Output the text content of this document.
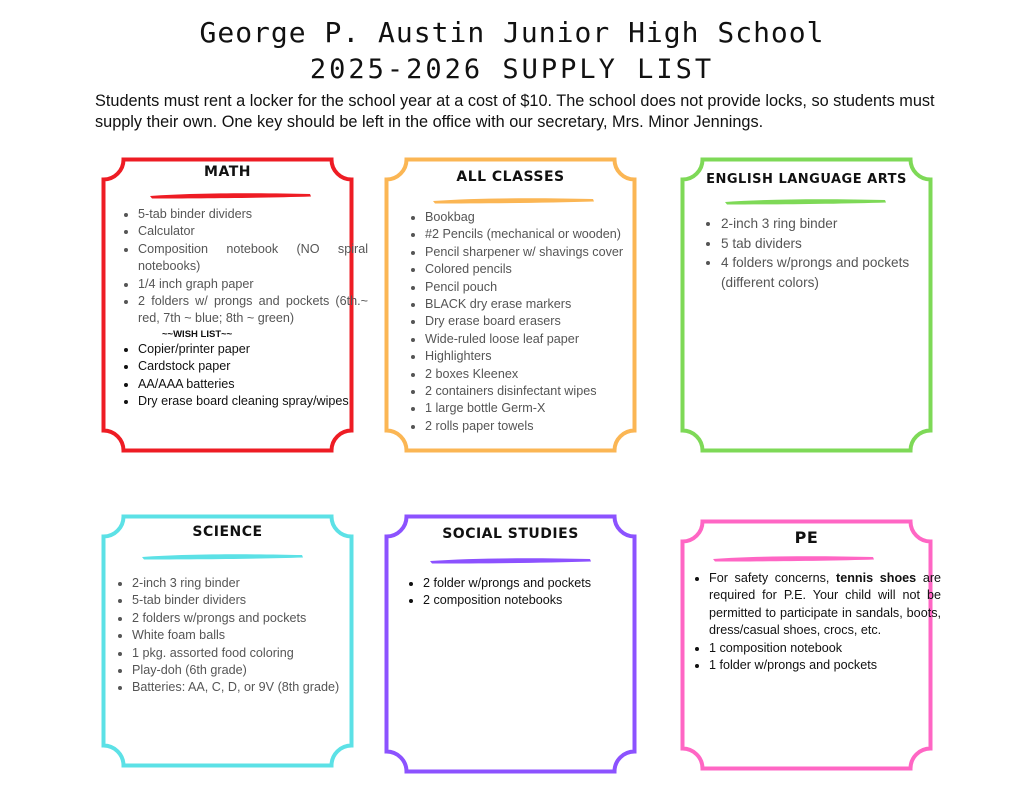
George P. Austin Junior High School
2025-2026 SUPPLY LIST
Students must rent a locker for the school year at a cost of $10. The school does not provide locks, so students must supply their own. One key should be left in the office with our secretary, Mrs. Minor Jennings.
MATH
• 5-tab binder dividers
• Calculator
• Composition notebook (NO spiral notebooks)
• 1/4 inch graph paper
• 2 folders w/ prongs and pockets (6th.~ red, 7th ~ blue; 8th ~ green)
~~WISH LIST~~
• Copier/printer paper
• Cardstock paper
• AA/AAA batteries
• Dry erase board cleaning spray/wipes
ALL CLASSES
• Bookbag
• #2 Pencils (mechanical or wooden)
• Pencil sharpener w/ shavings cover
• Colored pencils
• Pencil pouch
• BLACK dry erase markers
• Dry erase board erasers
• Wide-ruled loose leaf paper
• Highlighters
• 2 boxes Kleenex
• 2 containers disinfectant wipes
• 1 large bottle Germ-X
• 2 rolls paper towels
ENGLISH LANGUAGE ARTS
• 2-inch 3 ring binder
• 5 tab dividers
• 4 folders w/prongs and pockets (different colors)
SCIENCE
• 2-inch 3 ring binder
• 5-tab binder dividers
• 2 folders w/prongs and pockets
• White foam balls
• 1 pkg. assorted food coloring
• Play-doh (6th grade)
• Batteries: AA, C, D, or 9V (8th grade)
SOCIAL STUDIES
• 2 folder w/prongs and pockets
• 2 composition notebooks
PE
• For safety concerns, tennis shoes are required for P.E. Your child will not be permitted to participate in sandals, boots, dress/casual shoes, crocs, etc.
• 1 composition notebook
• 1 folder w/prongs and pockets
